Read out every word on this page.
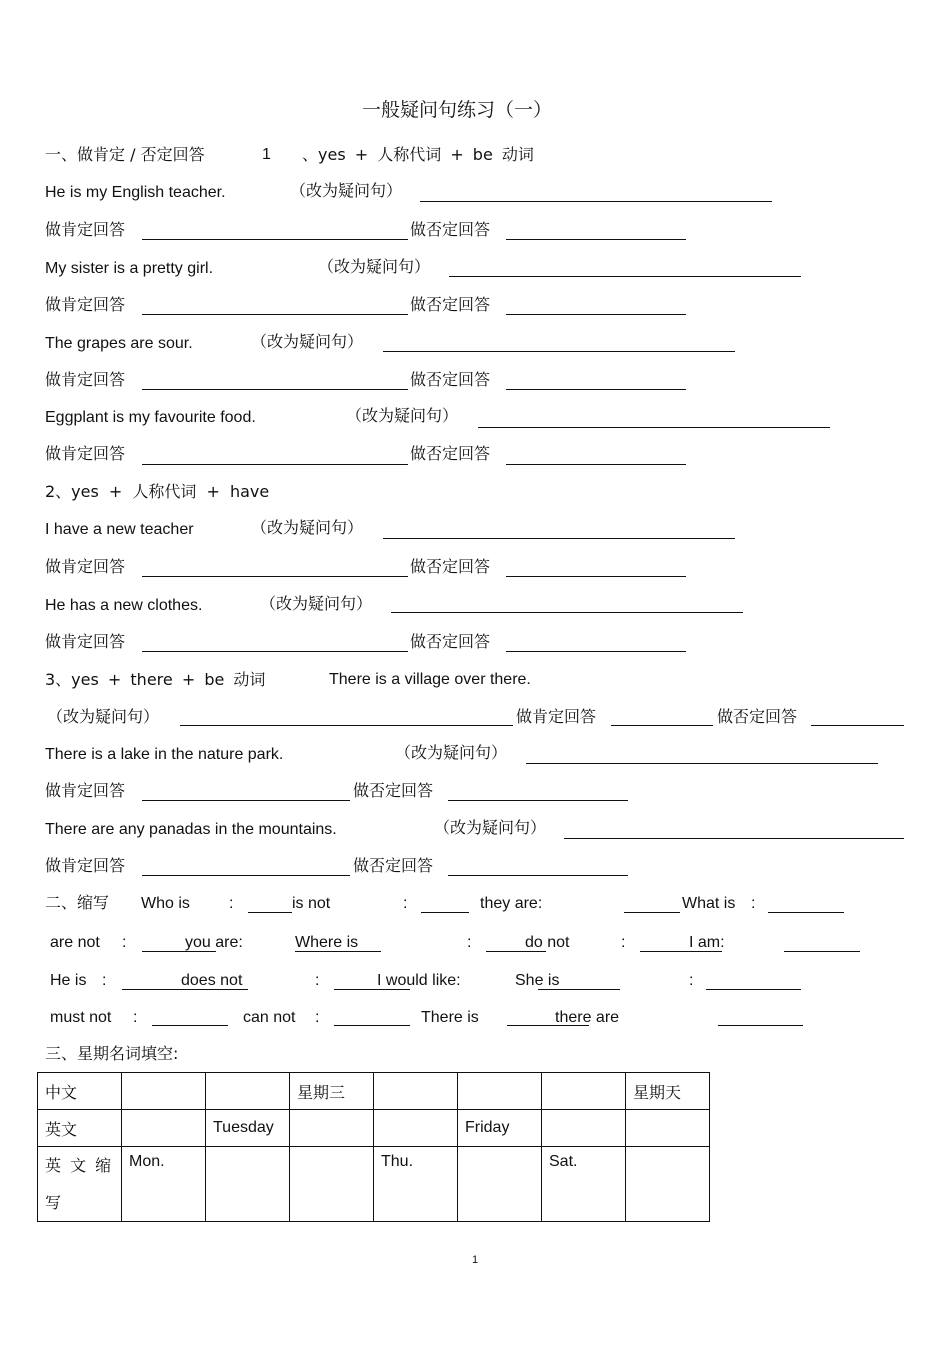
一般疑问句练习（一）
一、做肯定 / 否定回答	1 、yes + 人称代词 + be 动词
He is my English teacher.	（改为疑问句）
做肯定回答	做否定回答
My sister is a pretty girl.	（改为疑问句）
做肯定回答	做否定回答
The grapes are sour.	（改为疑问句）
做肯定回答	做否定回答
Eggplant is my favourite food.	（改为疑问句）
做肯定回答	做否定回答
2、yes + 人称代词 + have
I have a new teacher	（改为疑问句）
做肯定回答	做否定回答
He has a new clothes.	（改为疑问句）
做肯定回答	做否定回答
3、yes + there + be 动词	There is a village over there.
（改为疑问句）	做肯定回答	做否定回答
There is a lake in the nature park.	（改为疑问句）
做肯定回答	做否定回答
There are any panadas in the mountains.	（改为疑问句）
做肯定回答	做否定回答
二、缩写 Who is :	is not	:	they are:	What is :
are not :	you are:	Where is	:	do not	:	I am:
He is :	does not	:	I would like:	She is	:
must not :	can not :	There is	there are
三、星期名词填空:
中文			星期三				星期天
英文		Tuesday			Friday		
英 文 缩 写	Mon.			Thu.		Sat.	
1
